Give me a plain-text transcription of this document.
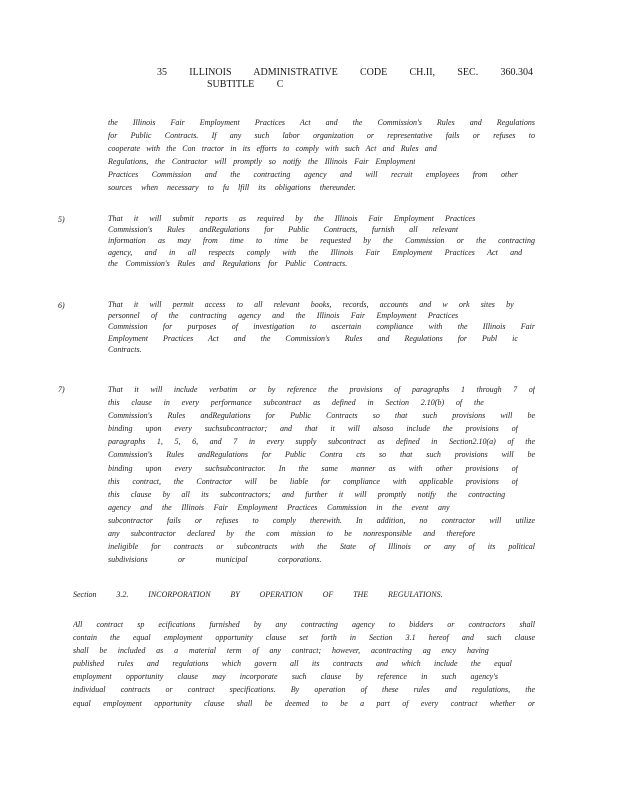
35 ILLINOIS ADMINISTRATIVE CODE CH.II, SEC. 360.304
SUBTITLE C
the Illinois Fair Employment Practices Act and the Commission's Rules and Regulations
for Public Contracts. If any such labor organization or representative fails or refuses to
cooperate with the Con tractor in its efforts to comply with such Act and Rules and
Regulations, the Contractor will promptly so notify the Illinois Fair Employment
Practices Commission and the contracting agency and will recruit employees from other
sources when necessary to fu lfill its obligations thereunder.
5)	That it will submit reports as required by the Illinois Fair Employment Practices
Commission's Rules andRegulations for Public Contracts, furnish all relevant
information as may from time to time be requested by the Commission or the contracting
agency, and in all respects comply with the Illinois Fair Employment Practices Act and
the Commission's Rules and Regulations for Public Contracts.
6)	That it will permit access to all relevant books, records, accounts and w ork sites by
personnel of the contracting agency and the Illinois Fair Employment Practices
Commission for purposes of investigation to ascertain compliance with the Illinois Fair
Employment Practices Act and the Commission's Rules and Regulations for Publ ic
Contracts.
7)	That it will include verbatim or by reference the provisions of paragraphs 1 through 7 of
this clause in every performance subcontract as defined in Section 2.10(b) of the
Commission's Rules andRegulations for Public Contracts so that such provisions will be
binding upon every suchsubcontractor; and that it will alsoso include the provisions of
paragraphs 1, 5, 6, and 7 in every supply subcontract as defined in Section2.10(a) of the
Commission's Rules andRegulations for Public Contra cts so that such provisions will be
binding upon every suchsubcontractor. In the same manner as with other provisions of
this contract, the Contractor will be liable for compliance with applicable provisions of
this clause by all its subcontractors; and further it will promptly notify the contracting
agency and the Illinois Fair Employment Practices Commission in the event any
subcontractor fails or refuses to comply therewith. In addition, no contractor will utilize
any subcontractor declared by the com mission to be nonresponsible and therefore
ineligible for contracts or subcontracts with the State of Illinois or any of its political
subdivisions or municipal corporations.
Section 3.2. INCORPORATION BY OPERATION OF THE REGULATIONS.
All contract sp ecifications furnished by any contracting agency to bidders or contractors shall
contain the equal employment opportunity clause set forth in Section 3.1 hereof and such clause
shall be included as a material term of any contract; however, acontracting ag ency having
published rules and regulations which govern all its contracts and which include the equal
employment opportunity clause may incorporate such clause by reference in such agency's
individual contracts or contract specifications. By operation of these rules and regulations, the
equal employment opportunity clause shall be deemed to be a part of every contract whether or
